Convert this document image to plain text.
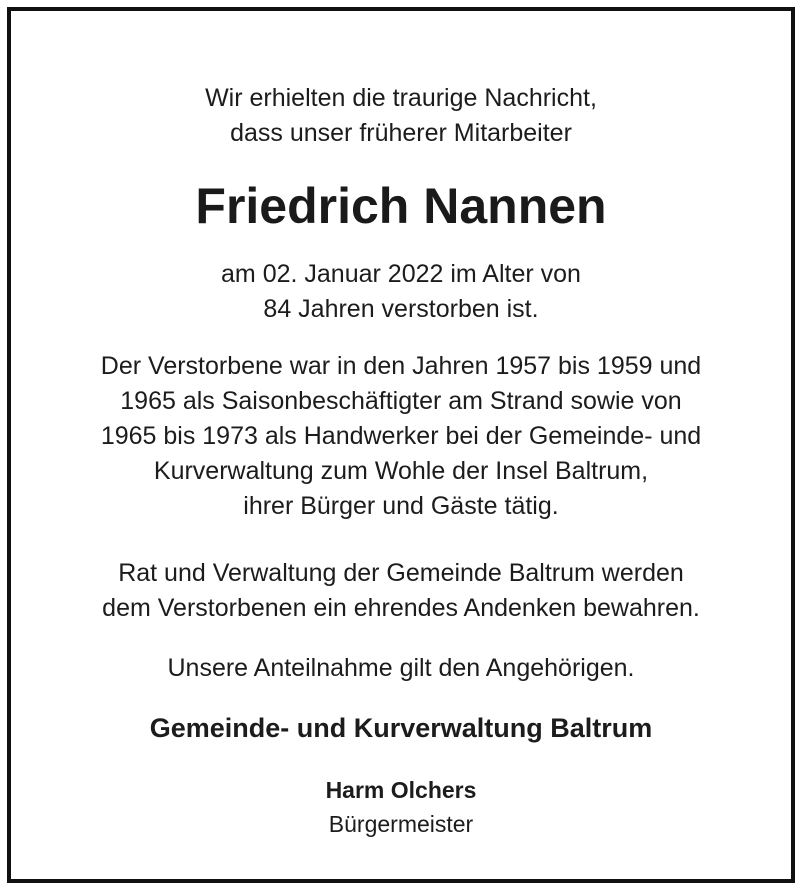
Wir erhielten die traurige Nachricht,
dass unser früherer Mitarbeiter
Friedrich Nannen
am 02. Januar 2022 im Alter von
84 Jahren verstorben ist.
Der Verstorbene war in den Jahren 1957 bis 1959 und
1965 als Saisonbeschäftigter am Strand sowie von
1965 bis 1973 als Handwerker bei der Gemeinde- und
Kurverwaltung zum Wohle der Insel Baltrum,
ihrer Bürger und Gäste tätig.
Rat und Verwaltung der Gemeinde Baltrum werden
dem Verstorbenen ein ehrendes Andenken bewahren.
Unsere Anteilnahme gilt den Angehörigen.
Gemeinde- und Kurverwaltung Baltrum
Harm Olchers
Bürgermeister
